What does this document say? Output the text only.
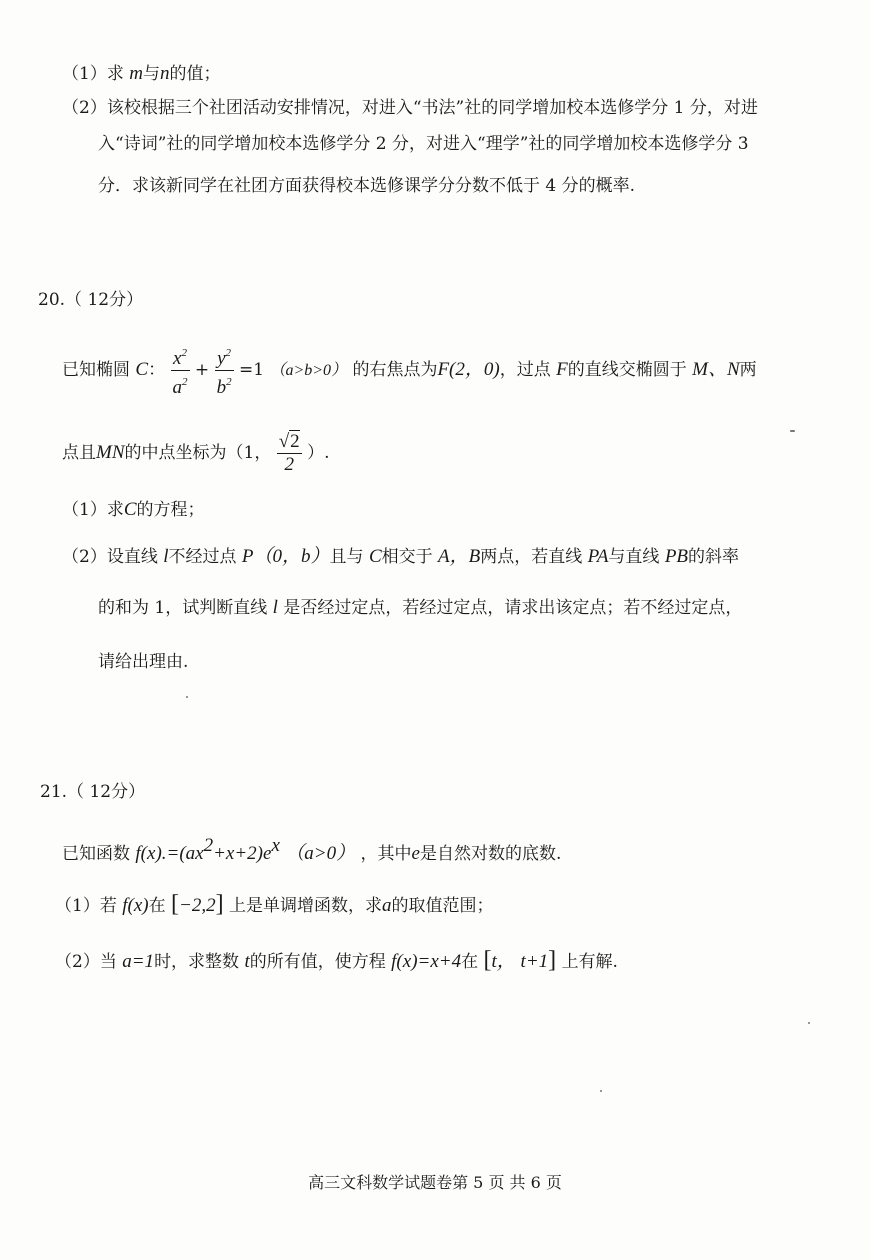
（1）求 m与n的值；
（2）该校根据三个社团活动安排情况，对进入“书法”社的同学增加校本选修学分 1 分，对进
入“诗词”社的同学增加校本选修学分 2 分，对进入“理学”社的同学增加校本选修学分 3
分．求该新同学在社团方面获得校本选修课学分分数不低于 4 分的概率.
20.（ 12分）
已知椭圆 C： $\frac{x^2}{a^2} + \frac{y^2}{b^2} =1$ （a>b>0） 的右焦点为F(2，0)，过点 F的直线交椭圆于 M、N两
点且MN的中点坐标为（1， $\frac{√2}{2}$ ）.
（1）求C的方程；
（2）设直线 l不经过点 P（0，b）且与 C相交于 A，B两点，若直线 PA与直线 PB的斜率
的和为 1，试判断直线 l 是否经过定点，若经过定点，请求出该定点；若不经过定点，
请给出理由.
21.（ 12分）
已知函数 $f(x).=(ax^2+x+2)e^x$ （a>0） ，其中e是自然对数的底数.
（1）若 f(x)在 [−2,2] 上是单调增函数，求a的取值范围；
（2）当 a=1时，求整数 t的所有值，使方程 f(x)=x+4在 [t， t+1] 上有解.
高三文科数学试题卷第 5 页 共 6 页
